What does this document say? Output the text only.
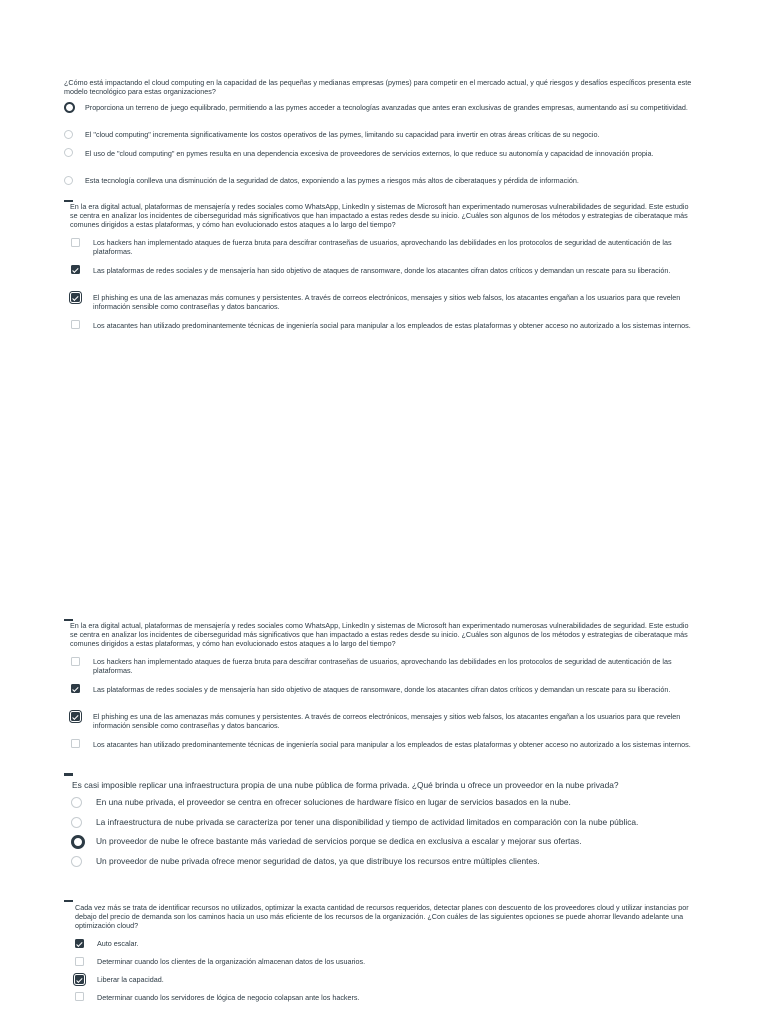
¿Cómo está impactando el cloud computing en la capacidad de las pequeñas y medianas empresas (pymes) para competir en el mercado actual, y qué riesgos y desafíos específicos presenta este modelo tecnológico para estas organizaciones?
Proporciona un terreno de juego equilibrado, permitiendo a las pymes acceder a tecnologías avanzadas que antes eran exclusivas de grandes empresas, aumentando así su competitividad.
El "cloud computing" incrementa significativamente los costos operativos de las pymes, limitando su capacidad para invertir en otras áreas críticas de su negocio.
El uso de "cloud computing" en pymes resulta en una dependencia excesiva de proveedores de servicios externos, lo que reduce su autonomía y capacidad de innovación propia.
Esta tecnología conlleva una disminución de la seguridad de datos, exponiendo a las pymes a riesgos más altos de ciberataques y pérdida de información.
En la era digital actual, plataformas de mensajería y redes sociales como WhatsApp, LinkedIn y sistemas de Microsoft han experimentado numerosas vulnerabilidades de seguridad. Este estudio se centra en analizar los incidentes de ciberseguridad más significativos que han impactado a estas redes desde su inicio. ¿Cuáles son algunos de los métodos y estrategias de ciberataque más comunes dirigidos a estas plataformas, y cómo han evolucionado estos ataques a lo largo del tiempo?
Los hackers han implementado ataques de fuerza bruta para descifrar contraseñas de usuarios, aprovechando las debilidades en los protocolos de seguridad de autenticación de las plataformas.
Las plataformas de redes sociales y de mensajería han sido objetivo de ataques de ransomware, donde los atacantes cifran datos críticos y demandan un rescate para su liberación.
El phishing es una de las amenazas más comunes y persistentes. A través de correos electrónicos, mensajes y sitios web falsos, los atacantes engañan a los usuarios para que revelen información sensible como contraseñas y datos bancarios.
Los atacantes han utilizado predominantemente técnicas de ingeniería social para manipular a los empleados de estas plataformas y obtener acceso no autorizado a los sistemas internos.
En la era digital actual, plataformas de mensajería y redes sociales como WhatsApp, LinkedIn y sistemas de Microsoft han experimentado numerosas vulnerabilidades de seguridad. Este estudio se centra en analizar los incidentes de ciberseguridad más significativos que han impactado a estas redes desde su inicio. ¿Cuáles son algunos de los métodos y estrategias de ciberataque más comunes dirigidos a estas plataformas, y cómo han evolucionado estos ataques a lo largo del tiempo?
Los hackers han implementado ataques de fuerza bruta para descifrar contraseñas de usuarios, aprovechando las debilidades en los protocolos de seguridad de autenticación de las plataformas.
Las plataformas de redes sociales y de mensajería han sido objetivo de ataques de ransomware, donde los atacantes cifran datos críticos y demandan un rescate para su liberación.
El phishing es una de las amenazas más comunes y persistentes. A través de correos electrónicos, mensajes y sitios web falsos, los atacantes engañan a los usuarios para que revelen información sensible como contraseñas y datos bancarios.
Los atacantes han utilizado predominantemente técnicas de ingeniería social para manipular a los empleados de estas plataformas y obtener acceso no autorizado a los sistemas internos.
Es casi imposible replicar una infraestructura propia de una nube pública de forma privada. ¿Qué brinda u ofrece un proveedor en la nube privada?
En una nube privada, el proveedor se centra en ofrecer soluciones de hardware físico en lugar de servicios basados en la nube.
La infraestructura de nube privada se caracteriza por tener una disponibilidad y tiempo de actividad limitados en comparación con la nube pública.
Un proveedor de nube le ofrece bastante más variedad de servicios porque se dedica en exclusiva a escalar y mejorar sus ofertas.
Un proveedor de nube privada ofrece menor seguridad de datos, ya que distribuye los recursos entre múltiples clientes.
Cada vez más se trata de identificar recursos no utilizados, optimizar la exacta cantidad de recursos requeridos, detectar planes con descuento de los proveedores cloud y utilizar instancias por debajo del precio de demanda son los caminos hacia un uso más eficiente de los recursos de la organización. ¿Con cuáles de las siguientes opciones se puede ahorrar llevando adelante una optimización cloud?
Auto escalar.
Determinar cuando los clientes de la organización almacenan datos de los usuarios.
Liberar la capacidad.
Determinar cuando los servidores de lógica de negocio colapsan ante los hackers.
